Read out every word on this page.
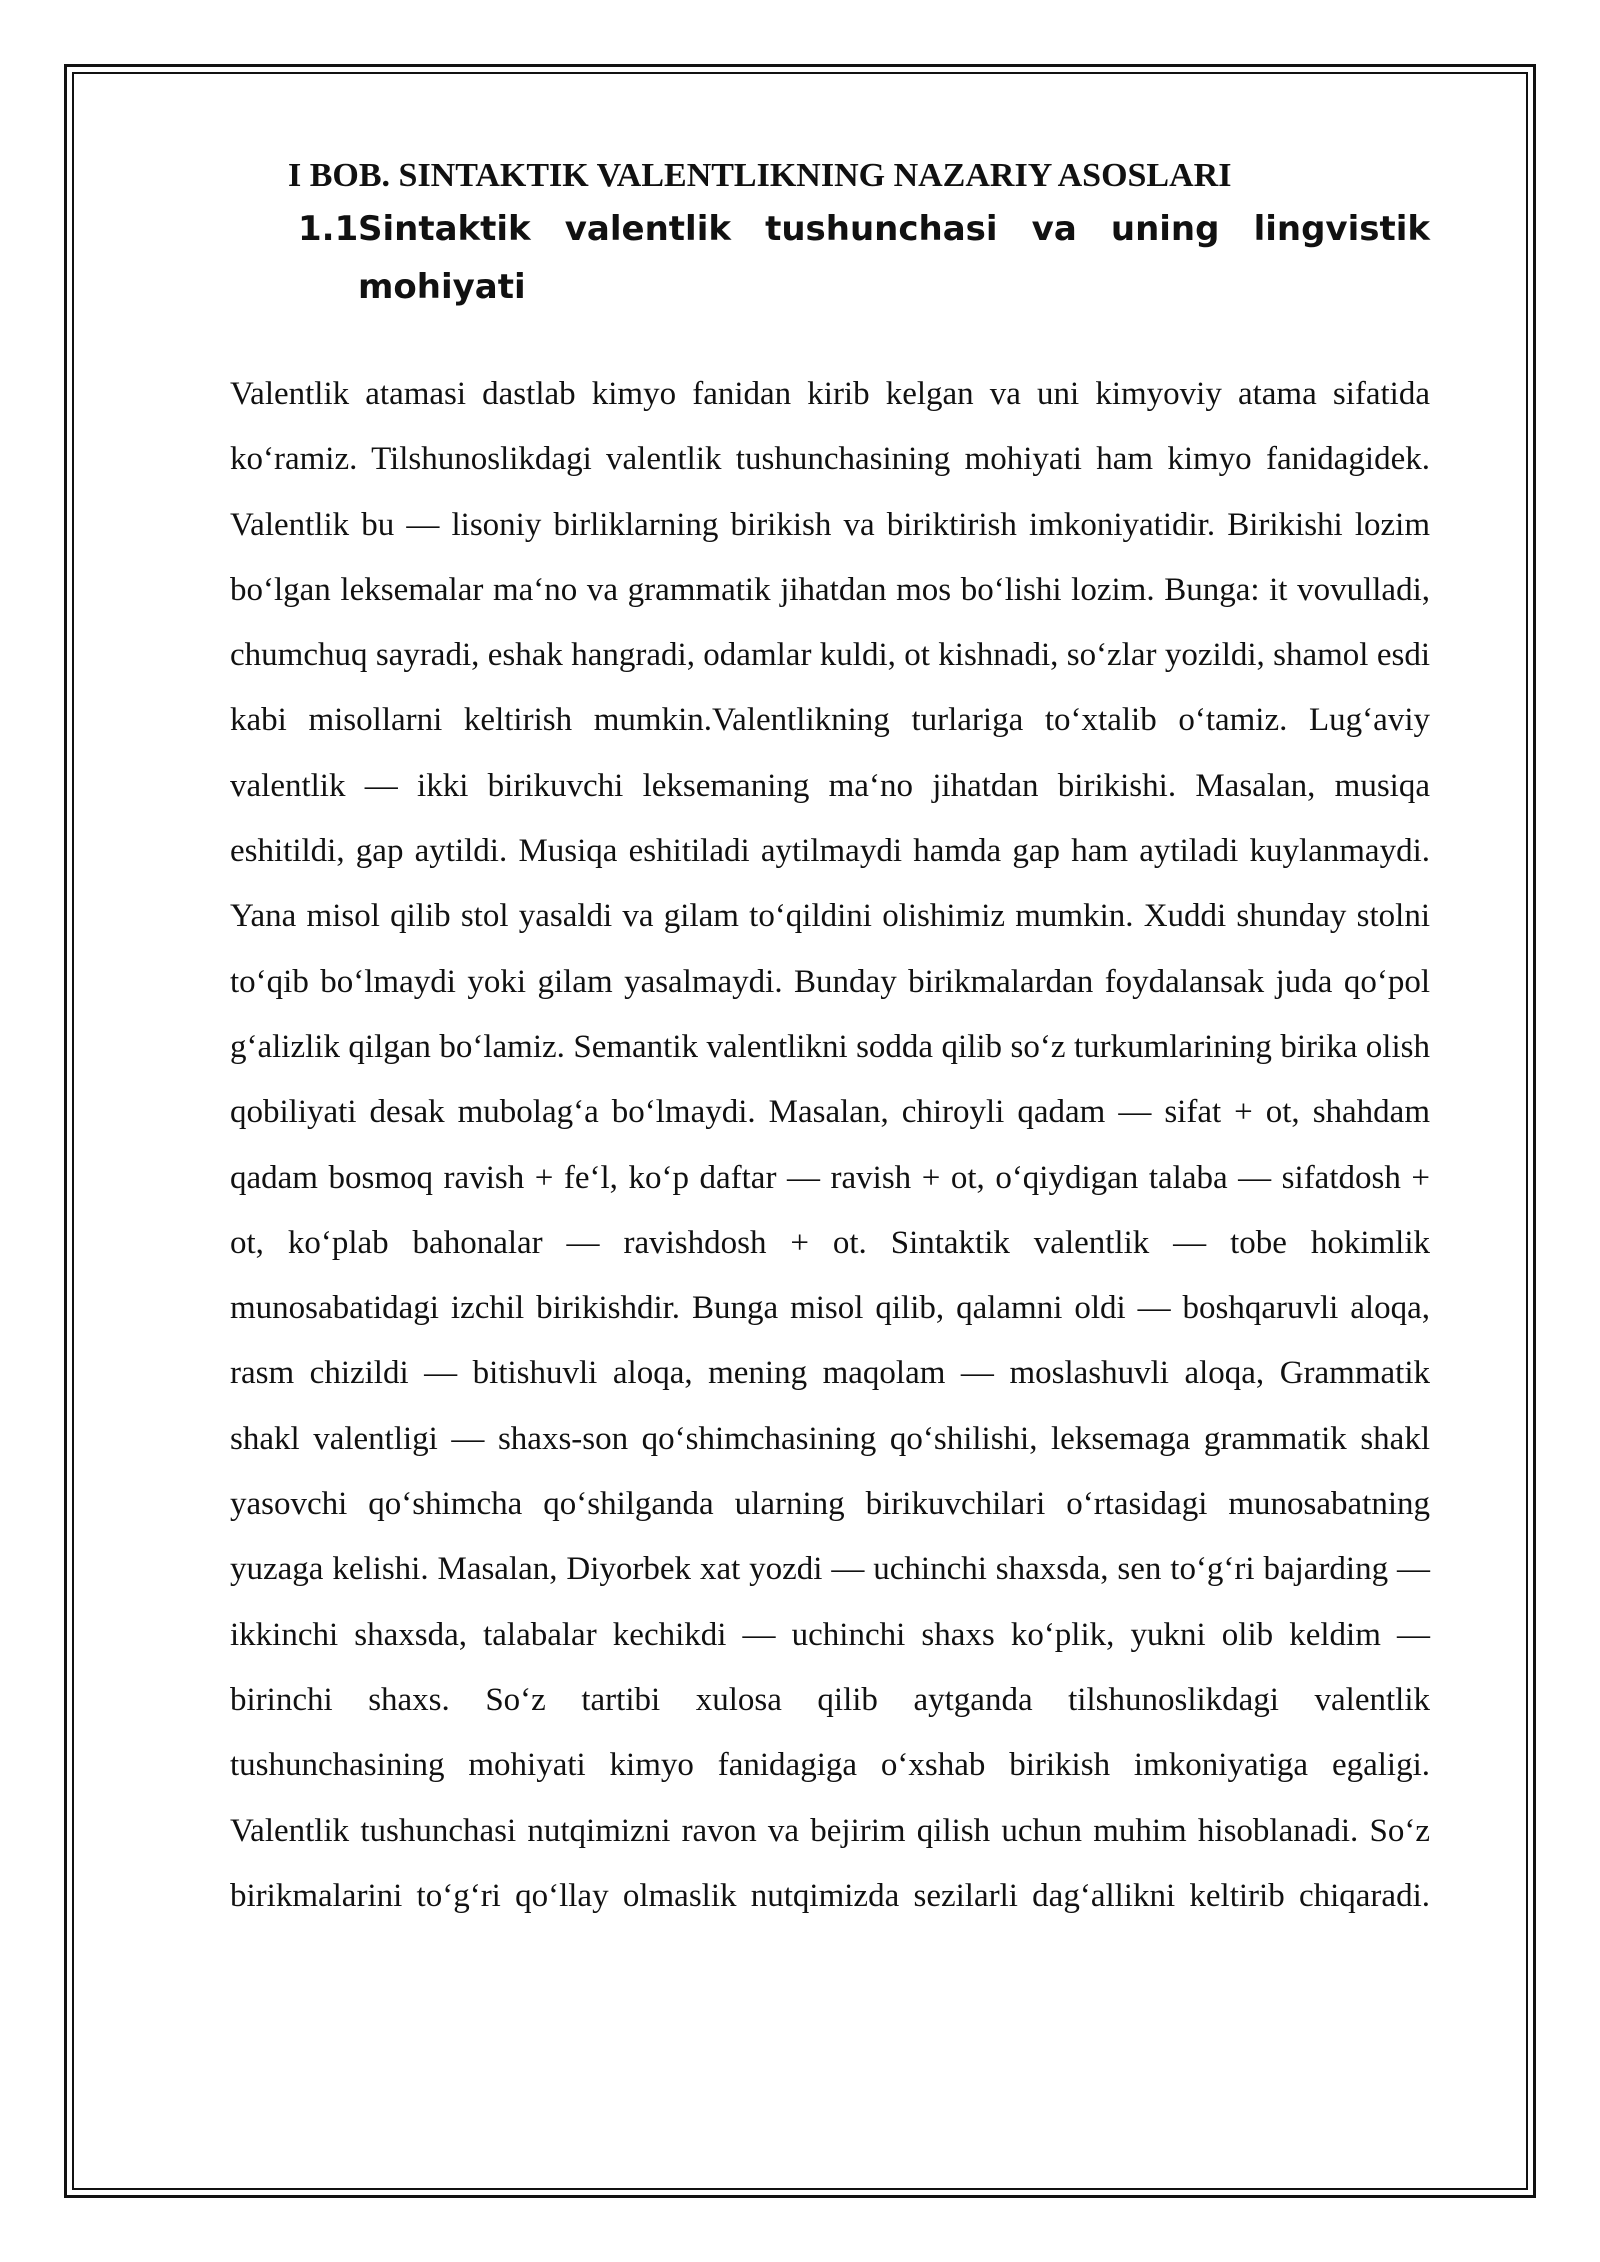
I BOB. SINTAKTIK VALENTLIKNING NAZARIY ASOSLARI
1.1 Sintaktik valentlik tushunchasi va uning lingvistik mohiyati

Valentlik atamasi dastlab kimyo fanidan kirib kelgan va uni kimyoviy atama sifatida ko‘ramiz. Tilshunoslikdagi valentlik tushunchasining mohiyati ham kimyo fanidagidek. Valentlik bu — lisoniy birliklarning birikish va biriktirish imkoniyatidir. Birikishi lozim bo‘lgan leksemalar ma‘no va grammatik jihatdan mos bo‘lishi lozim. Bunga: it vovulladi, chumchuq sayradi, eshak hangradi, odamlar kuldi, ot kishnadi, so‘zlar yozildi, shamol esdi kabi misollarni keltirish mumkin.Valentlikning turlariga to‘xtalib o‘tamiz. Lug‘aviy valentlik — ikki birikuvchi leksemaning ma‘no jihatdan birikishi. Masalan, musiqa eshitildi, gap aytildi. Musiqa eshitiladi aytilmaydi hamda gap ham aytiladi kuylanmaydi. Yana misol qilib stol yasaldi va gilam to‘qildini olishimiz mumkin. Xuddi shunday stolni to‘qib bo‘lmaydi yoki gilam yasalmaydi. Bunday birikmalardan foydalansak juda qo‘pol g‘alizlik qilgan bo‘lamiz. Semantik valentlikni sodda qilib so‘z turkumlarining birika olish qobiliyati desak mubolag‘a bo‘lmaydi. Masalan, chiroyli qadam — sifat + ot, shahdam qadam bosmoq ravish + fe‘l, ko‘p daftar — ravish + ot, o‘qiydigan talaba — sifatdosh + ot, ko‘plab bahonalar — ravishdosh + ot. Sintaktik valentlik — tobe hokimlik munosabatidagi izchil birikishdir. Bunga misol qilib, qalamni oldi — boshqaruvli aloqa, rasm chizildi — bitishuvli aloqa, mening maqolam — moslashuvli aloqa, Grammatik shakl valentligi — shaxs-son qo‘shimchasining qo‘shilishi, leksemaga grammatik shakl yasovchi qo‘shimcha qo‘shilganda ularning birikuvchilari o‘rtasidagi munosabatning yuzaga kelishi. Masalan, Diyorbek xat yozdi — uchinchi shaxsda, sen to‘g‘ri bajarding — ikkinchi shaxsda, talabalar kechikdi — uchinchi shaxs ko‘plik, yukni olib keldim — birinchi shaxs. So‘z tartibi xulosa qilib aytganda tilshunoslikdagi valentlik tushunchasining mohiyati kimyo fanidagiga o‘xshab birikish imkoniyatiga egaligi. Valentlik tushunchasi nutqimizni ravon va bejirim qilish uchun muhim hisoblanadi. So‘z birikmalarini to‘g‘ri qo‘llay olmaslik nutqimizda sezilarli dag‘allikni keltirib chiqaradi.
